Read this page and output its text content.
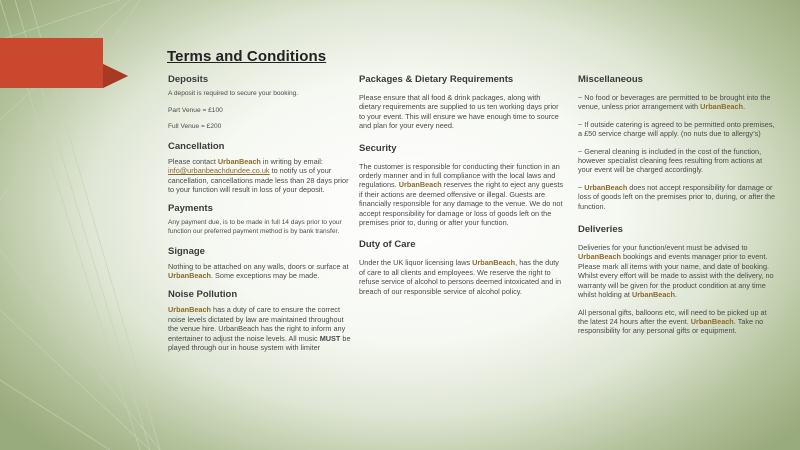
Terms and Conditions
Deposits

A deposit is required to secure your booking.

Part Venue = £100

Full Venue = £200

Cancellation

Please contact UrbanBeach in writing by email: info@urbanbeachdundee.co.uk to notify us of your cancellation, cancellations made less than 28 days prior to your function will result in loss of your deposit.

Payments

Any payment due, is to be made in full 14 days prior to your function our preferred payment method is by bank transfer.

Signage

Nothing to be attached on any walls, doors or surface at UrbanBeach. Some exceptions may be made.

Noise Pollution

UrbanBeach has a duty of care to ensure the correct noise levels dictated by law are maintained throughout the venue hire. UrbanBeach has the right to inform any entertainer to adjust the noise levels. All music MUST be played through our in house system with limiter

Packages & Dietary Requirements

Please ensure that all food & drink packages, along with dietary requirements are supplied to us ten working days prior to your event. This will ensure we have enough time to source and plan for your every need.

Security

The customer is responsible for conducting their function in an orderly manner and in full compliance with the local laws and regulations. UrbanBeach reserves the right to eject any guests if their actions are deemed offensive or illegal. Guests are financially responsible for any damage to the venue. We do not accept responsibility for damage or loss of goods left on the premises prior to, during or after your function.

Duty of Care

Under the UK liquor licensing laws UrbanBeach, has the duty of care to all clients and employees. We reserve the right to refuse service of alcohol to persons deemed intoxicated and in breach of our responsible service of alcohol policy.

Miscellaneous

~ No food or beverages are permitted to be brought into the venue, unless prior arrangement with UrbanBeach.

~ If outside catering is agreed to be permitted onto premises, a £50 service charge will apply. (no nuts due to allergy’s)

~ General cleaning is included in the cost of the function, however specialist cleaning fees resulting from actions at your event will be charged accordingly.

~ UrbanBeach does not accept responsibility for damage or loss of goods left on the premises prior to, during, or after the function.

Deliveries

Deliveries for your function/event must be advised to UrbanBeach bookings and events manager prior to event. Please mark all items with your name, and date of booking. Whilst every effort will be made to assist with the delivery, no warranty will be given for the product condition at any time whilst holding at UrbanBeach.

All personal gifts, balloons etc, will need to be picked up at the latest 24 hours after the event. UrbanBeach. Take no responsibility for any personal gifts or equipment.
